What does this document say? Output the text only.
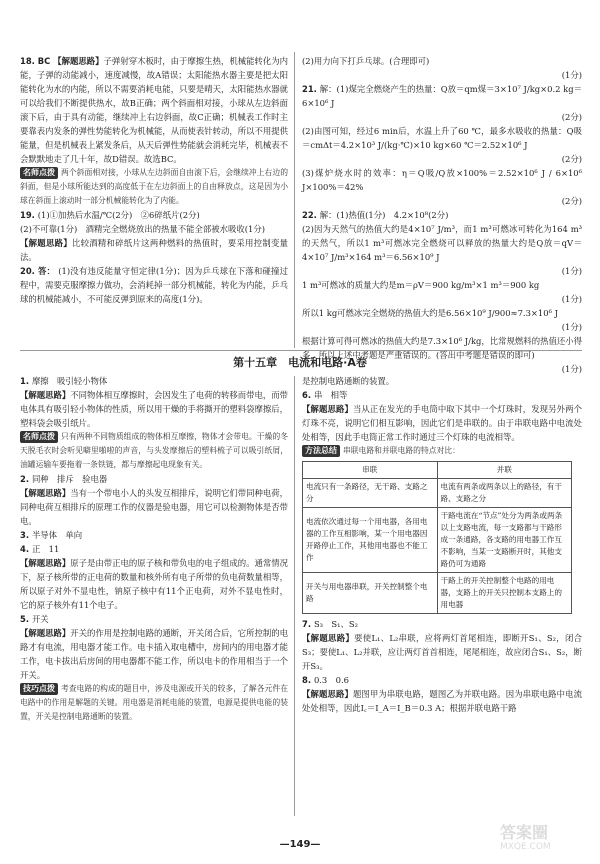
18. BC 【解题思路】子弹射穿木板时，由于摩擦生热，机械能转化为内能，子弹的动能减小，速度减慢，故A错误；太阳能热水器主要是把太阳能转化为水的内能，所以不需要消耗电能，只要是晴天，太阳能热水器就可以给我们不断提供热水，故B正确；两个斜面相对接，小球从左边斜面滚下后，由于具有动能，继续冲上右边斜面，故C正确；机械表工作时主要靠表内发条的弹性势能转化为机械能，从而使表针转动，所以不用提供能量，但是机械表上紧发条后，从天后弹性势能就会消耗完毕，机械表不会默默地走了几十年，故D错误。故选BC。

名师点拨 两个斜面相对接，小球从左边斜面自由滚下后，会继续冲上右边的斜面，但是小球所能达到的高度低于在左边斜面上的自由释放点，这是因为小球在斜面上滚动时一部分机械能转化为了内能。

19. (1)①加热后水温/℃(2分)　②6碎纸片(2分)

(2)不可靠(1分)　酒精完全燃烧放出的热量不能全部被水吸收(1分)

【解题思路】比较酒精和碎纸片这两种燃料的热值时，要采用控制变量法。

20. 答： (1)没有违反能量守恒定律(1分)；因为乒乓球在下落和碰撞过程中，需要克服摩擦力做功，会消耗掉一部分机械能，转化为内能，乒乓球的机械能减小，不可能反弹到原来的高度(1分)。

(2)用力向下打乒乓球。(合理即可)

(1分)

21. 解：(1)煤完全燃烧产生的热量：Q放＝qm煤＝3×10⁷ J/kg×0.2 kg＝6×10⁶ J

(2分)

(2)由图可知，经过6 min后，水温上升了60 ℃，最多水吸收的热量：Q吸＝cmΔt＝4.2×10³ J/(kg·℃)×10 kg×60 ℃＝2.52×10⁶ J

(2分)

(3)煤炉烧水时的效率：η＝Q吸/Q放×100%＝2.52×10⁶ J / 6×10⁶ J×100%＝42%

(2分)

22. 解：(1)热值(1分)　4.2×10⁸(2分)

(2)因为天然气的热值大约是4×10⁷ J/m³，而1 m³可燃冰可转化为164 m³的天然气，所以1 m³可燃冰完全燃烧可以释放的热量大约是Q放＝qV＝4×10⁷ J/m³×164 m³＝6.56×10⁹ J

(1分)

1 m³可燃冰的质量大约是m＝ρV＝900 kg/m³×1 m³＝900 kg

(1分)

所以1 kg可燃冰完全燃烧的热值大约是6.56×10⁹ J/900≈7.3×10⁶ J

(1分)

根据计算可得可燃冰的热值大约是7.3×10⁶ J/kg，比常规燃料的热值还小得多，所以上述中考题是严重错误的。(答出中考题是错误的即可)

(1分)

第十五章　电流和电路·A卷

1. 摩擦　吸引轻小物体

【解题思路】不同物体相互摩擦时，会因发生了电荷的转移而带电，而带电体具有吸引轻小物体的性质，所以用干燥的手将撕开的塑料袋摩擦后，塑料袋会吸引纸片。

名师点拨 只有两种不同物质组成的物体相互摩擦，物体才会带电。干燥的冬天脱毛衣时会听见噼里啪啦的声音，与头发摩擦后的塑料梳子可以吸引纸屑，油罐运输车要拖着一条铁链，都与摩擦起电现象有关。

2. 同种　排斥　验电器

【解题思路】当有一个带电小人的头发互相排斥，说明它们带同种电荷，同种电荷互相排斥的原理工作的仪器是验电器，用它可以检测物体是否带电。

3. 半导体　单向

4. 正　11

【解题思路】原子是由带正电的原子核和带负电的电子组成的。通常情况下，原子核所带的正电荷的数量和核外所有电子所带的负电荷数量相等，所以原子对外不显电性，钠原子核中有11个正电荷，对外不显电性时，它的原子核外有11个电子。

5. 开关

【解题思路】开关的作用是控制电路的通断，开关闭合后，它所控制的电路才有电流，用电器才能工作。电卡插入取电槽中，房间内的用电器才能工作，电卡拔出后房间的用电器都不能工作，所以电卡的作用相当于一个开关。

技巧点拨 考查电路的构成的题目中，涉及电源或开关的较多，了解各元件在电路中的作用是解题的关键。用电器是消耗电能的装置，电源是提供电能的装置，开关是控制电路通断的装置。

是控制电路通断的装置。

6. 串　相等

【解题思路】当从正在发光的手电筒中取下其中一个灯珠时，发现另外两个灯珠不亮，说明它们相互影响，因此它们是串联的。由于串联电路中电流处处相等，因此手电筒正常工作时通过三个灯珠的电流相等。

方法总结 串联电路和并联电路的特点对比：

串联	并联
电流只有一条路径，无干路、支路之分	电流有两条或两条以上的路径，有干路、支路之分
电流依次通过每一个用电器，各用电器的工作互相影响，某一个用电器因开路停止工作，其他用电器也不能工作	干路电流在“节点”处分为两条或两条以上支路电流，每一支路都与干路形成一条通路，各支路的用电器工作互不影响，当某一支路断开时，其他支路仍可为通路
开关与用电器串联，开关控制整个电路	干路上的开关控制整个电路的用电器，支路上的开关只控制本支路上的用电器

7. S₃　S₁、S₂

【解题思路】要使L₁、L₂串联，应将两灯首尾相连，即断开S₁、S₂，闭合S₃；要使L₁、L₂并联，应让两灯首首相连，尾尾相连，故应闭合S₁、S₂，断开S₃。

8. 0.3　0.6

【解题思路】题图甲为串联电路，题图乙为并联电路。因为串联电路中电流处处相等，因此I꜀＝I_A＝I_B＝0.3 A；根据并联电路干路

—149—
答案圈
MXQE.COM
